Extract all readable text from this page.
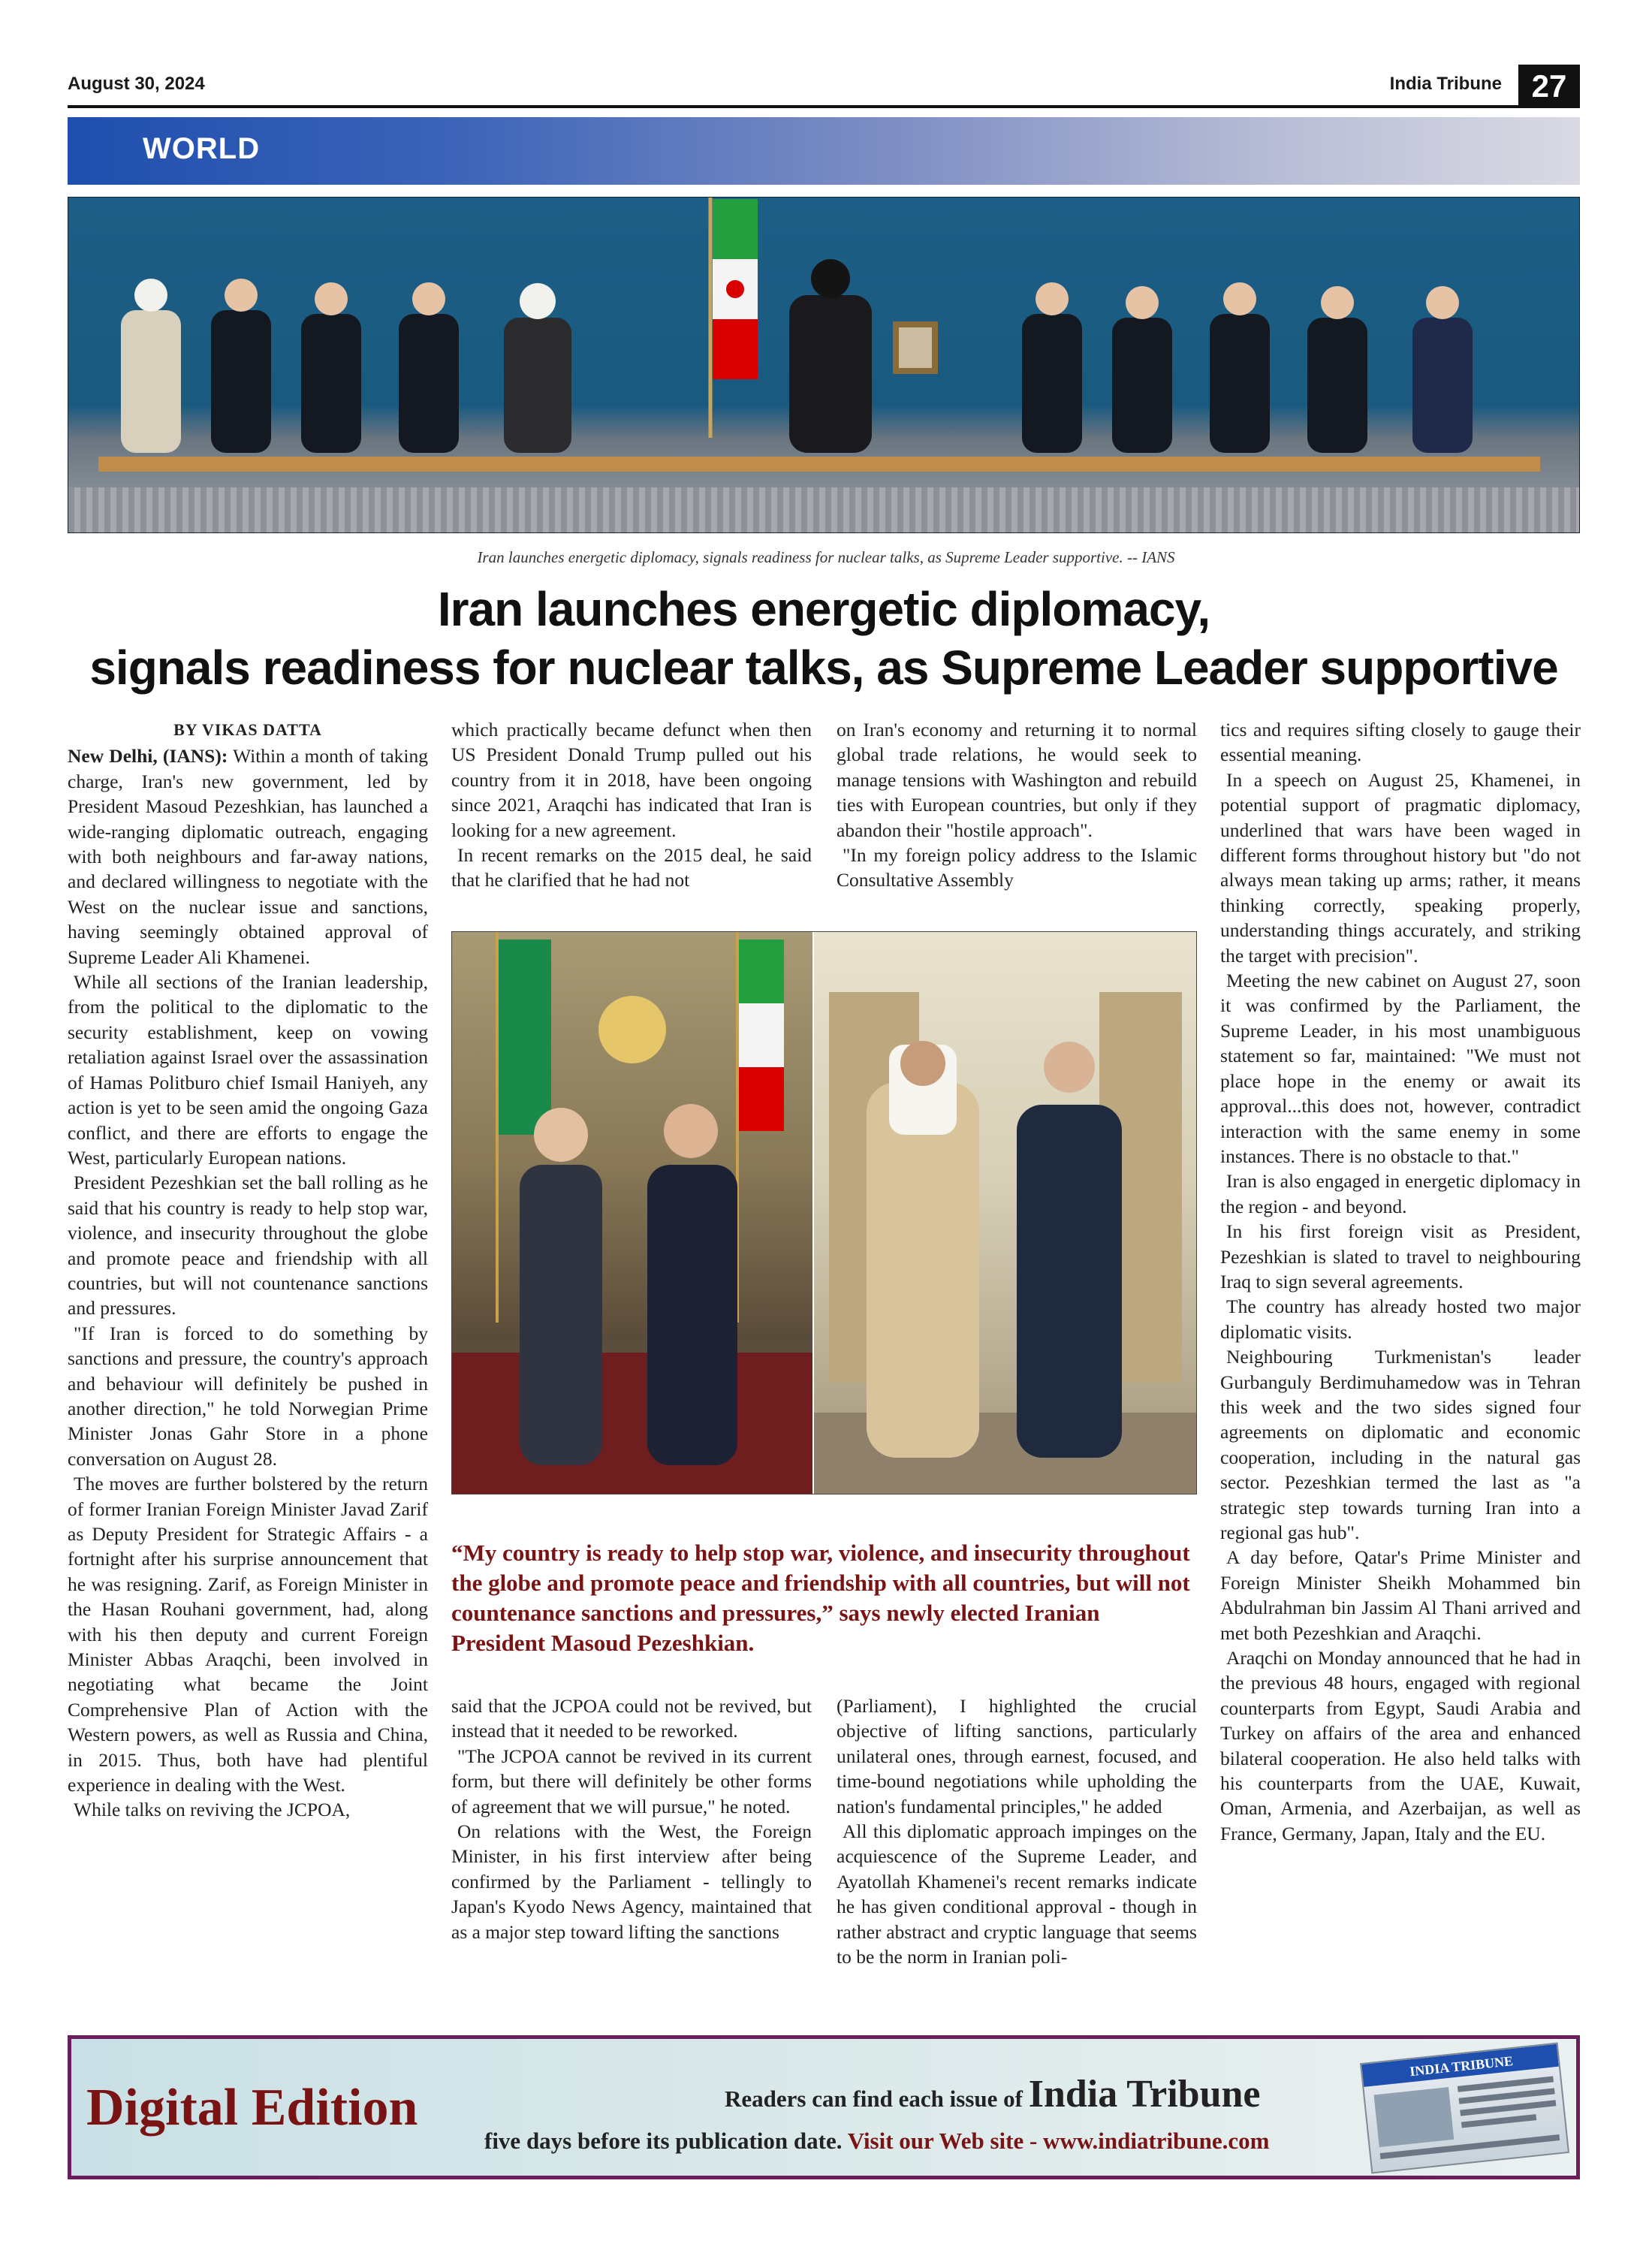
August 30, 2024	India Tribune 27
WORLD
Iran launches energetic diplomacy, signals readiness for nuclear talks, as Supreme Leader supportive. -- IANS
Iran launches energetic diplomacy,
signals readiness for nuclear talks, as Supreme Leader supportive
BY VIKAS DATTA

New Delhi, (IANS): Within a month of taking charge, Iran's new government, led by President Masoud Pezeshkian, has launched a wide-ranging diplomatic outreach, engaging with both neighbours and far-away nations, and declared willingness to negotiate with the West on the nuclear issue and sanctions, having seemingly obtained approval of Supreme Leader Ali Khamenei.

While all sections of the Iranian leadership, from the political to the diplomatic to the security establishment, keep on vowing retaliation against Israel over the assassination of Hamas Politburo chief Ismail Haniyeh, any action is yet to be seen amid the ongoing Gaza conflict, and there are efforts to engage the West, particularly European nations.

President Pezeshkian set the ball rolling as he said that his country is ready to help stop war, violence, and insecurity throughout the globe and promote peace and friendship with all countries, but will not countenance sanctions and pressures.

"If Iran is forced to do something by sanctions and pressure, the country's approach and behaviour will definitely be pushed in another direction," he told Norwegian Prime Minister Jonas Gahr Store in a phone conversation on August 28.

The moves are further bolstered by the return of former Iranian Foreign Minister Javad Zarif as Deputy President for Strategic Affairs - a fortnight after his surprise announcement that he was resigning. Zarif, as Foreign Minister in the Hasan Rouhani government, had, along with his then deputy and current Foreign Minister Abbas Araqchi, been involved in negotiating what became the Joint Comprehensive Plan of Action with the Western powers, as well as Russia and China, in 2015. Thus, both have had plentiful experience in dealing with the West.

While talks on reviving the JCPOA,

which practically became defunct when then US President Donald Trump pulled out his country from it in 2018, have been ongoing since 2021, Araqchi has indicated that Iran is looking for a new agreement.

In recent remarks on the 2015 deal, he said that he clarified that he had not

on Iran's economy and returning it to normal global trade relations, he would seek to manage tensions with Washington and rebuild ties with European countries, but only if they abandon their "hostile approach".

"In my foreign policy address to the Islamic Consultative Assembly

tics and requires sifting closely to gauge their essential meaning.

In a speech on August 25, Khamenei, in potential support of pragmatic diplomacy, underlined that wars have been waged in different forms throughout history but "do not always mean taking up arms; rather, it means thinking correctly, speaking properly, understanding things accurately, and striking the target with precision".

Meeting the new cabinet on August 27, soon it was confirmed by the Parliament, the Supreme Leader, in his most unambiguous statement so far, maintained: "We must not place hope in the enemy or await its approval...this does not, however, contradict interaction with the same enemy in some instances. There is no obstacle to that."

Iran is also engaged in energetic diplomacy in the region - and beyond.

In his first foreign visit as President, Pezeshkian is slated to travel to neighbouring Iraq to sign several agreements.

The country has already hosted two major diplomatic visits.

Neighbouring Turkmenistan's leader Gurbanguly Berdimuhamedow was in Tehran this week and the two sides signed four agreements on diplomatic and economic cooperation, including in the natural gas sector. Pezeshkian termed the last as "a strategic step towards turning Iran into a regional gas hub".

A day before, Qatar's Prime Minister and Foreign Minister Sheikh Mohammed bin Abdulrahman bin Jassim Al Thani arrived and met both Pezeshkian and Araqchi.

Araqchi on Monday announced that he had in the previous 48 hours, engaged with regional counterparts from Egypt, Saudi Arabia and Turkey on affairs of the area and enhanced bilateral cooperation. He also held talks with his counterparts from the UAE, Kuwait, Oman, Armenia, and Azerbaijan, as well as France, Germany, Japan, Italy and the EU.

“My country is ready to help stop war, violence, and insecurity throughout the globe and promote peace and friendship with all countries, but will not countenance sanctions and pressures,” says newly elected Iranian President Masoud Pezeshkian.

said that the JCPOA could not be revived, but instead that it needed to be reworked.

"The JCPOA cannot be revived in its current form, but there will definitely be other forms of agreement that we will pursue," he noted.

On relations with the West, the Foreign Minister, in his first interview after being confirmed by the Parliament - tellingly to Japan's Kyodo News Agency, maintained that as a major step toward lifting the sanctions

(Parliament), I highlighted the crucial objective of lifting sanctions, particularly unilateral ones, through earnest, focused, and time-bound negotiations while upholding the nation's fundamental principles," he added

All this diplomatic approach impinges on the acquiescence of the Supreme Leader, and Ayatollah Khamenei's recent remarks indicate he has given conditional approval - though in rather abstract and cryptic language that seems to be the norm in Iranian poli-

Digital Edition	Readers can find each issue of India Tribune
five days before its publication date. Visit our Web site - www.indiatribune.com
INDIA TRIBUNE
